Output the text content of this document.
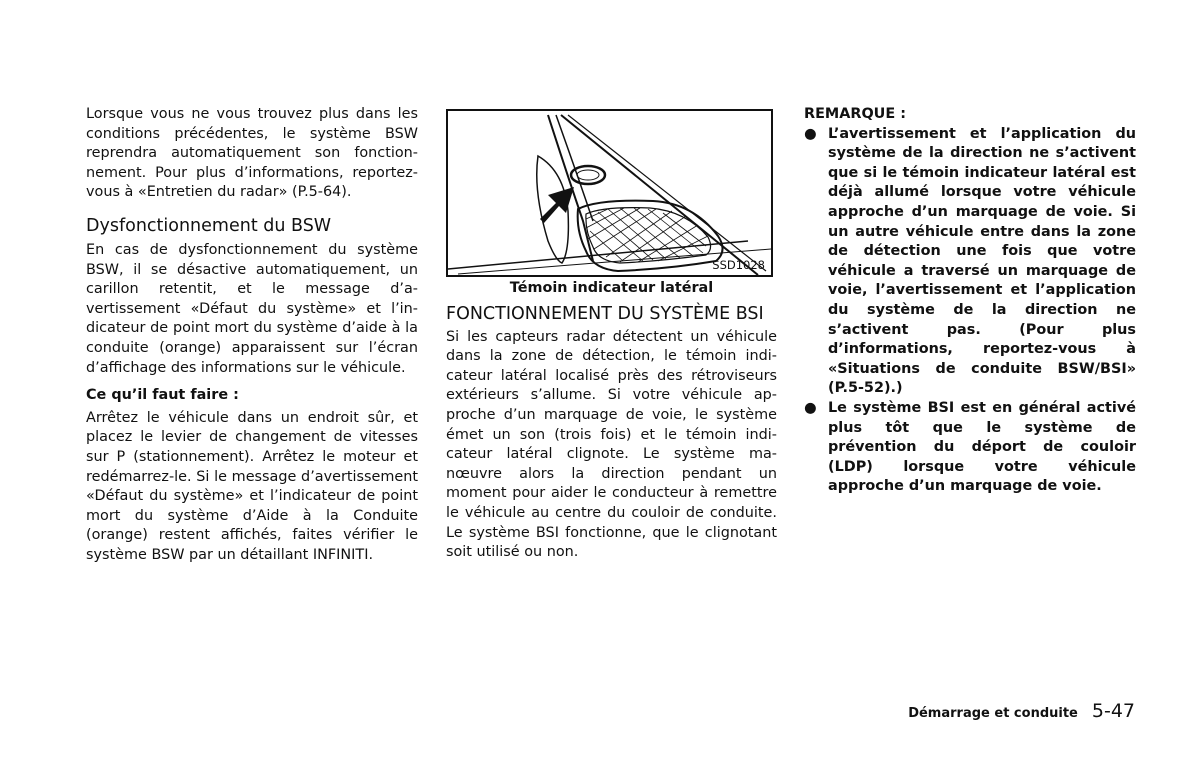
Lorsque vous ne vous trouvez plus dans les conditions précédentes, le système BSW reprendra automatiquement son fonctionnement. Pour plus d’informations, reportez-vous à «Entretien du radar» (P.5-64).

Dysfonctionnement du BSW

En cas de dysfonctionnement du système BSW, il se désactive automatiquement, un carillon retentit, et le message d’avertissement «Défaut du système» et l’indicateur de point mort du système d’aide à la conduite (orange) apparaissent sur l’écran d’affichage des informations sur le véhicule.

Ce qu’il faut faire :

Arrêtez le véhicule dans un endroit sûr, et placez le levier de changement de vitesses sur P (stationnement). Arrêtez le moteur et redémarrez-le. Si le message d’avertissement «Défaut du système» et l’indicateur de point mort du système d’Aide à la Conduite (orange) restent affichés, faites vérifier le système BSW par un détaillant INFINITI.

SSD1028

Témoin indicateur latéral

FONCTIONNEMENT DU SYSTÈME BSI

Si les capteurs radar détectent un véhicule dans la zone de détection, le témoin indicateur latéral localisé près des rétroviseurs extérieurs s’allume. Si votre véhicule approche d’un marquage de voie, le système émet un son (trois fois) et le témoin indicateur latéral clignote. Le système manœuvre alors la direction pendant un moment pour aider le conducteur à remettre le véhicule au centre du couloir de conduite. Le système BSI fonctionne, que le clignotant soit utilisé ou non.

REMARQUE :

● L’avertissement et l’application du système de la direction ne s’activent que si le témoin indicateur latéral est déjà allumé lorsque votre véhicule approche d’un marquage de voie. Si un autre véhicule entre dans la zone de détection une fois que votre véhicule a traversé un marquage de voie, l’avertissement et l’application du système de la direction ne s’activent pas. (Pour plus d’informations, reportez-vous à «Situations de conduite BSW/BSI» (P.5-52).)
● Le système BSI est en général activé plus tôt que le système de prévention du déport de couloir (LDP) lorsque votre véhicule approche d’un marquage de voie.
Démarrage et conduite 5-47
